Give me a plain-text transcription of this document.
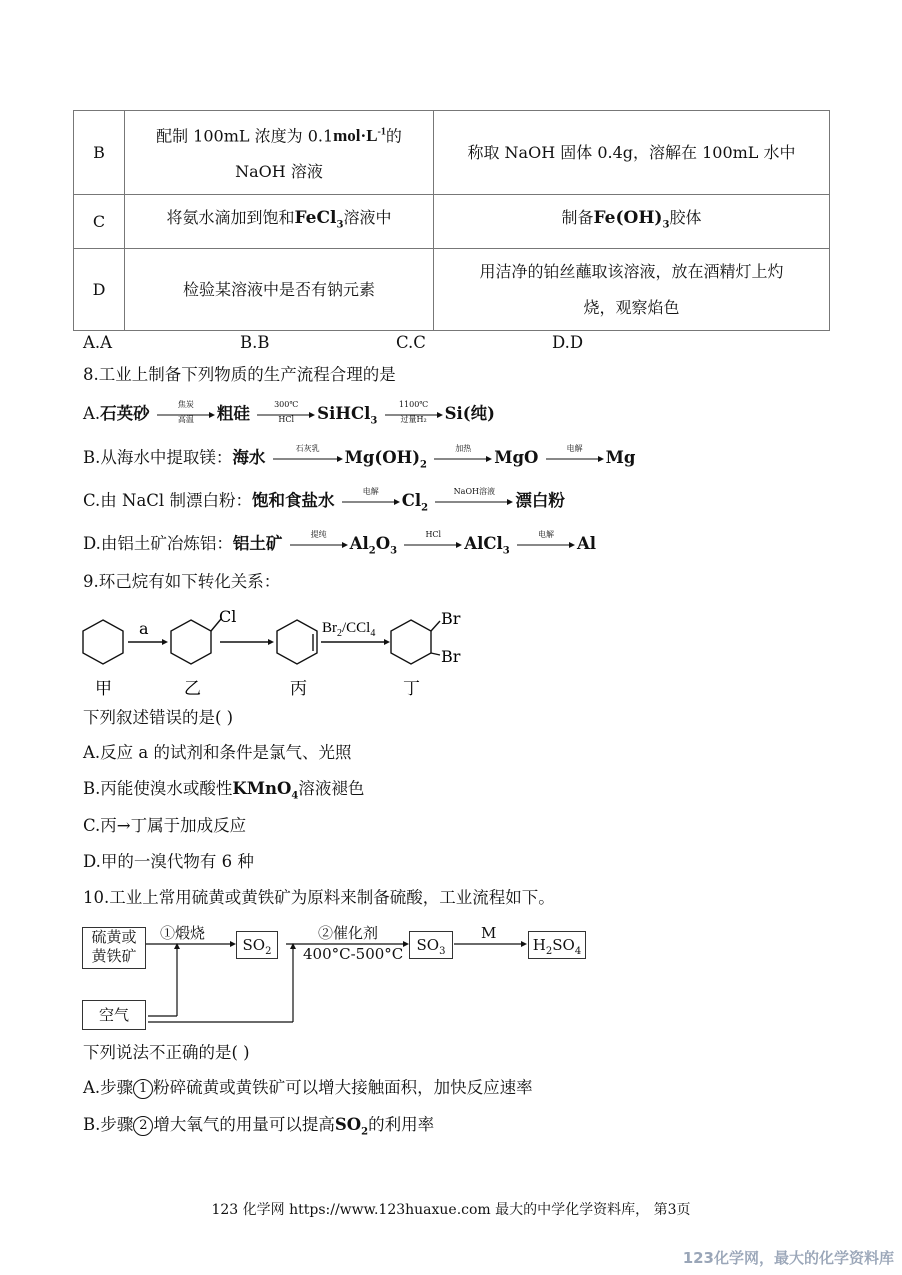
B	配制 100mL 浓度为 $0.1mol\cdot L^{-1}$的
NaOH 溶液	称取 NaOH 固体 0.4g，溶解在 100mL 水中
C	将氨水滴加到饱和FeCl$_3$溶液中	制备$Fe(OH)_3$胶体
D	检验某溶液中是否有钠元素	用洁净的铂丝蘸取该溶液，放在酒精灯上灼
烧，观察焰色
A.A	B.B	C.C	D.D
8.工业上制备下列物质的生产流程合理的是
A.石英砂	焦炭
高温	粗硅	300℃
HCl	SiHCl$_3$
1100℃
过量H₂	Si(纯)
B.从海水中提取镁：海水	石灰乳	$Mg(OH)_2$
加热	MgO	电解	Mg
C.由 NaCl 制漂白粉：饱和食盐水	电解	$Cl_2$
NaOH溶液	漂白粉
D.由铝土矿冶炼铝：铝土矿	提纯	$Al_2O_3$
HCl	AlCl$_3$
电解	Al
9.环己烷有如下转化关系：
a
Cl
$Br_2/CCl_4$
Br
Br
甲	乙	丙	丁
下列叙述错误的是( )
A.反应 a 的试剂和条件是氯气、光照
B.丙能使溴水或酸性KMnO$_4$溶液褪色
C.丙→丁属于加成反应
D.甲的一溴代物有 6 种
10.工业上常用硫黄或黄铁矿为原料来制备硫酸，工业流程如下。
硫黄或
黄铁矿
①煅烧
$SO_2$
②催化剂
400°C-500°C $SO_3$
M
$H_2SO_4$
空气
下列说法不正确的是( )
A.步骤 1 粉碎硫黄或黄铁矿可以增大接触面积，加快反应速率
B.步骤 2 增大氧气的用量可以提高$SO_2$的利用率
123 化学网 https://www.123huaxue.com 最大的中学化学资料库， 第3页
123化学网，最大的化学资料库
